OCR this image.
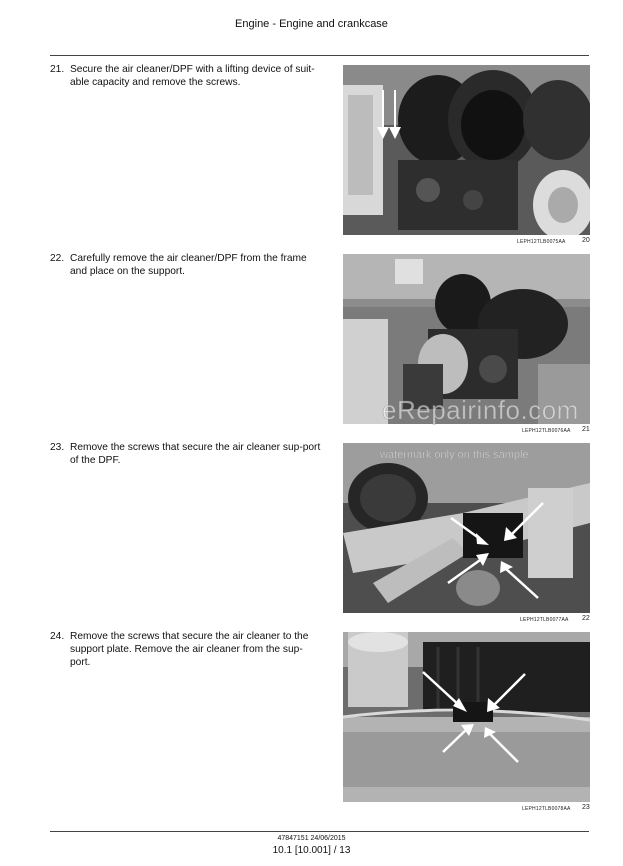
Engine - Engine and crankcase
21. Secure the air cleaner/DPF with a lifting device of suit-able capacity and remove the screws.
LEPH12TLB0075AA 20
22. Carefully remove the air cleaner/DPF from the frame and place on the support.
LEPH12TLB0076AA 21
23. Remove the screws that secure the air cleaner sup-port of the DPF.
LEPH12TLB0077AA 22
24. Remove the screws that secure the air cleaner to the support plate. Remove the air cleaner from the sup-port.
LEPH12TLB0078AA 23
eRepairinfo.com
watermark only on this sample
47847151 24/06/2015
10.1 [10.001] / 13
